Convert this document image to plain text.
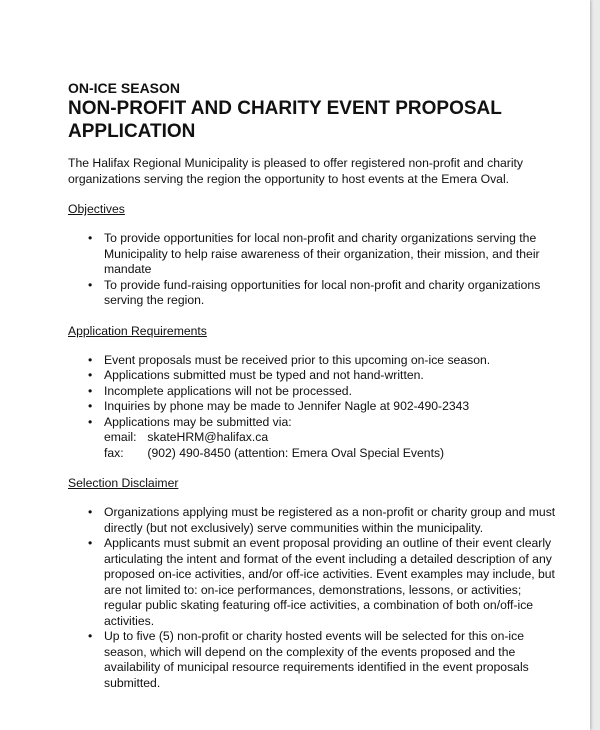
ON-ICE SEASON
NON-PROFIT AND CHARITY EVENT PROPOSAL
APPLICATION
The Halifax Regional Municipality is pleased to offer registered non-profit and charity organizations serving the region the opportunity to host events at the Emera Oval.
Objectives
• To provide opportunities for local non-profit and charity organizations serving the Municipality to help raise awareness of their organization, their mission, and their mandate
• To provide fund-raising opportunities for local non-profit and charity organizations serving the region.
Application Requirements
• Event proposals must be received prior to this upcoming on-ice season.
• Applications submitted must be typed and not hand-written.
• Incomplete applications will not be processed.
• Inquiries by phone may be made to Jennifer Nagle at 902-490-2343
• Applications may be submitted via:
email: skateHRM@halifax.ca
fax: (902) 490-8450 (attention: Emera Oval Special Events)
Selection Disclaimer
• Organizations applying must be registered as a non-profit or charity group and must directly (but not exclusively) serve communities within the municipality.
• Applicants must submit an event proposal providing an outline of their event clearly articulating the intent and format of the event including a detailed description of any proposed on-ice activities, and/or off-ice activities. Event examples may include, but are not limited to: on-ice performances, demonstrations, lessons, or activities; regular public skating featuring off-ice activities, a combination of both on/off-ice activities.
• Up to five (5) non-profit or charity hosted events will be selected for this on-ice season, which will depend on the complexity of the events proposed and the availability of municipal resource requirements identified in the event proposals submitted.
